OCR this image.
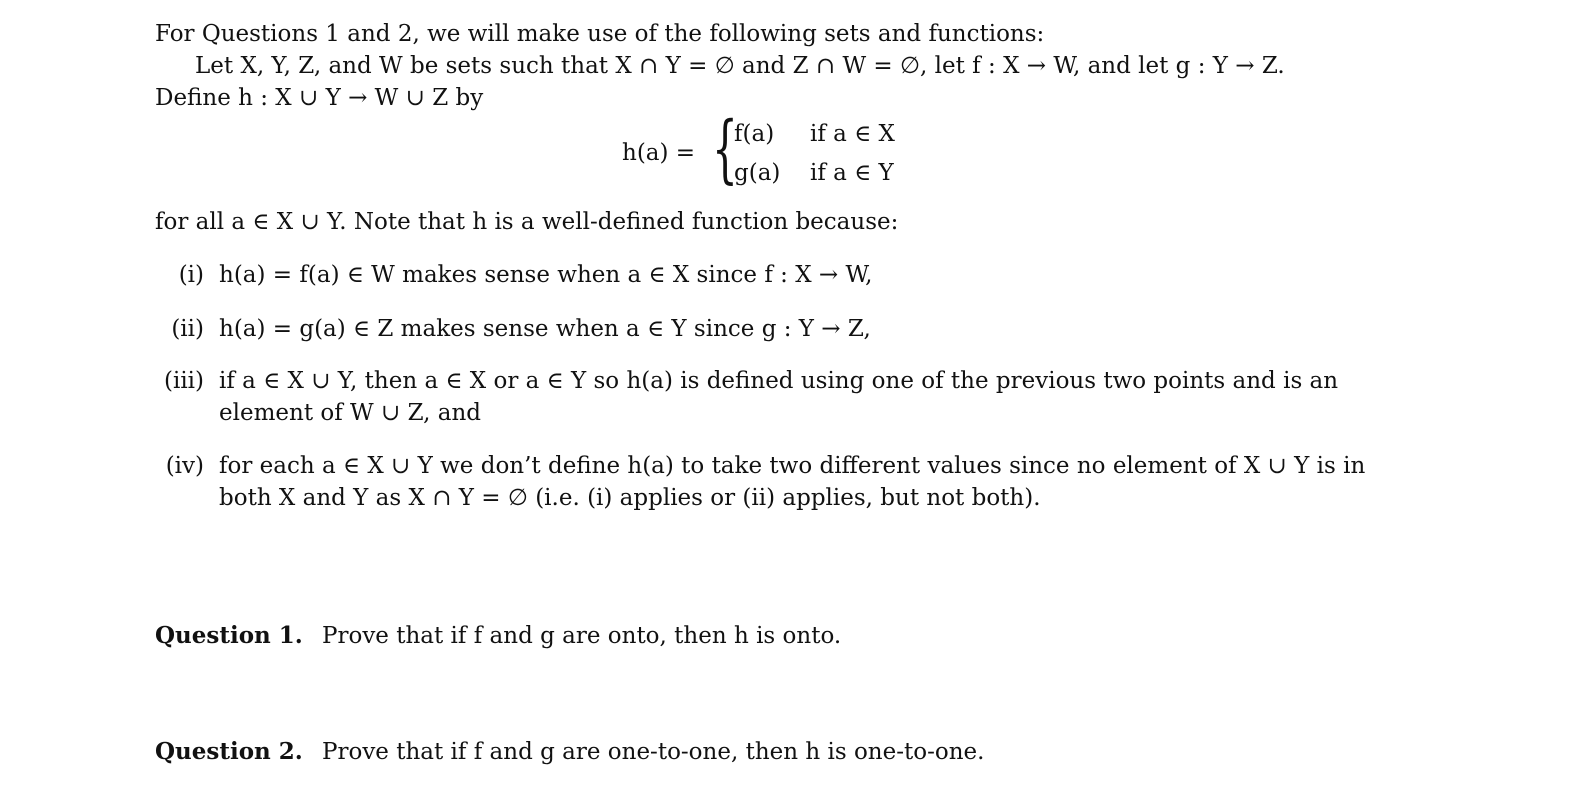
For Questions 1 and 2, we will make use of the following sets and functions:
Let X, Y, Z, and W be sets such that X ∩ Y = ∅ and Z ∩ W = ∅, let f : X → W, and let g : Y → Z.
Define h : X ∪ Y → W ∪ Z by
h(a) = {
f(a) if a ∈ X
g(a) if a ∈ Y
for all a ∈ X ∪ Y. Note that h is a well-defined function because:
(i) h(a) = f(a) ∈ W makes sense when a ∈ X since f : X → W,
(ii) h(a) = g(a) ∈ Z makes sense when a ∈ Y since g : Y → Z,
(iii) if a ∈ X ∪ Y, then a ∈ X or a ∈ Y so h(a) is defined using one of the previous two points and is an
element of W ∪ Z, and
(iv) for each a ∈ X ∪ Y we don’t define h(a) to take two different values since no element of X ∪ Y is in
both X and Y as X ∩ Y = ∅ (i.e. (i) applies or (ii) applies, but not both).
Question 1. Prove that if f and g are onto, then h is onto.
Question 2. Prove that if f and g are one-to-one, then h is one-to-one.
